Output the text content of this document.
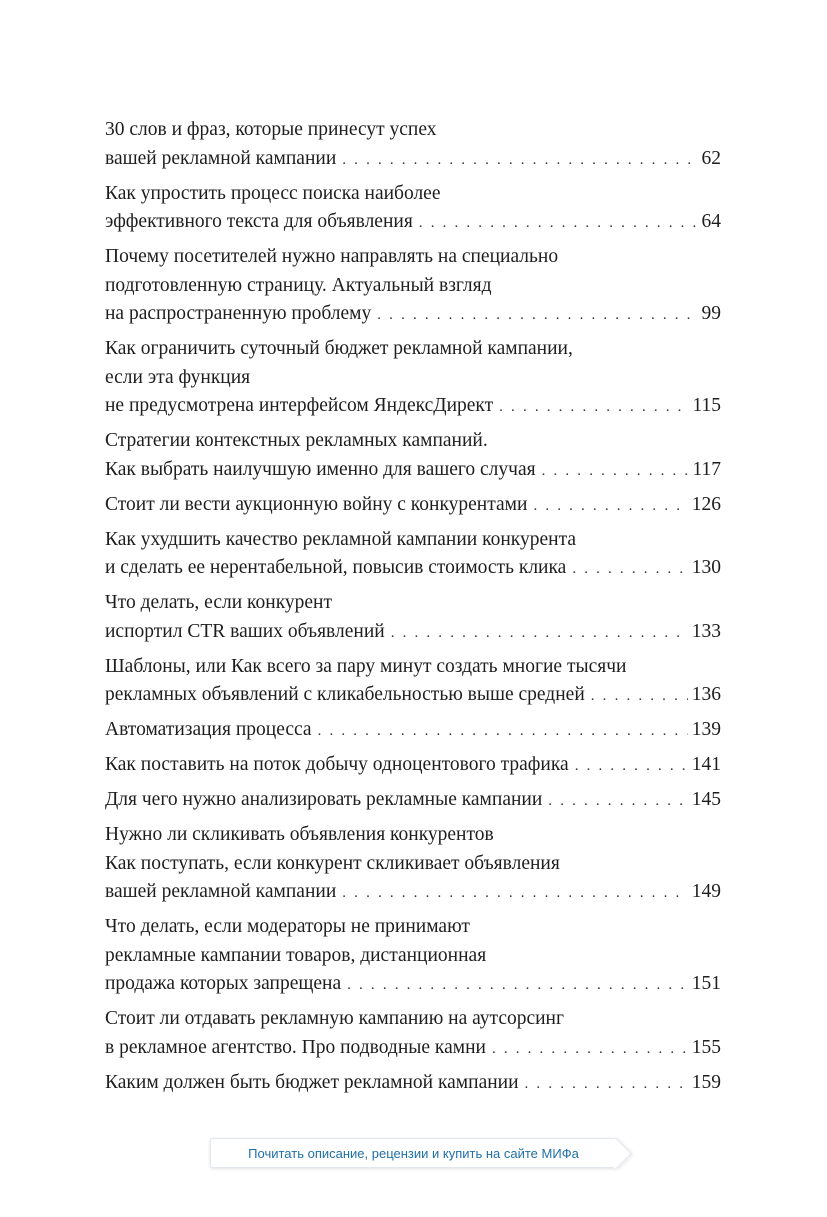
30 слов и фраз, которые принесут успех
вашей рекламной кампании . . .	62
Как упростить процесс поиска наиболее
эффективного текста для объявления . . .	64
Почему посетителей нужно направлять на специально
подготовленную страницу. Актуальный взгляд
на распространенную проблему . . .	99
Как ограничить суточный бюджет рекламной кампании,
если эта функция
не предусмотрена интерфейсом ЯндексДирект . . .	115
Стратегии контекстных рекламных кампаний.
Как выбрать наилучшую именно для вашего случая . . .	117
Стоит ли вести аукционную войну с конкурентами . . .	126
Как ухудшить качество рекламной кампании конкурента
и сделать ее нерентабельной, повысив стоимость клика . . .	130
Что делать, если конкурент
испортил CTR ваших объявлений . . .	133
Шаблоны, или Как всего за пару минут создать многие тысячи
рекламных объявлений с кликабельностью выше средней . . .	136
Автоматизация процесса . . .	139
Как поставить на поток добычу одноцентового трафика . . .	141
Для чего нужно анализировать рекламные кампании . . .	145
Нужно ли скликивать объявления конкурентов
Как поступать, если конкурент скликивает объявления
вашей рекламной кампании . . .	149
Что делать, если модераторы не принимают
рекламные кампании товаров, дистанционная
продажа которых запрещена . . .	151
Стоит ли отдавать рекламную кампанию на аутсорсинг
в рекламное агентство. Про подводные камни . . .	155
Каким должен быть бюджет рекламной кампании . . .	159
Почитать описание, рецензии и купить на сайте МИФа
